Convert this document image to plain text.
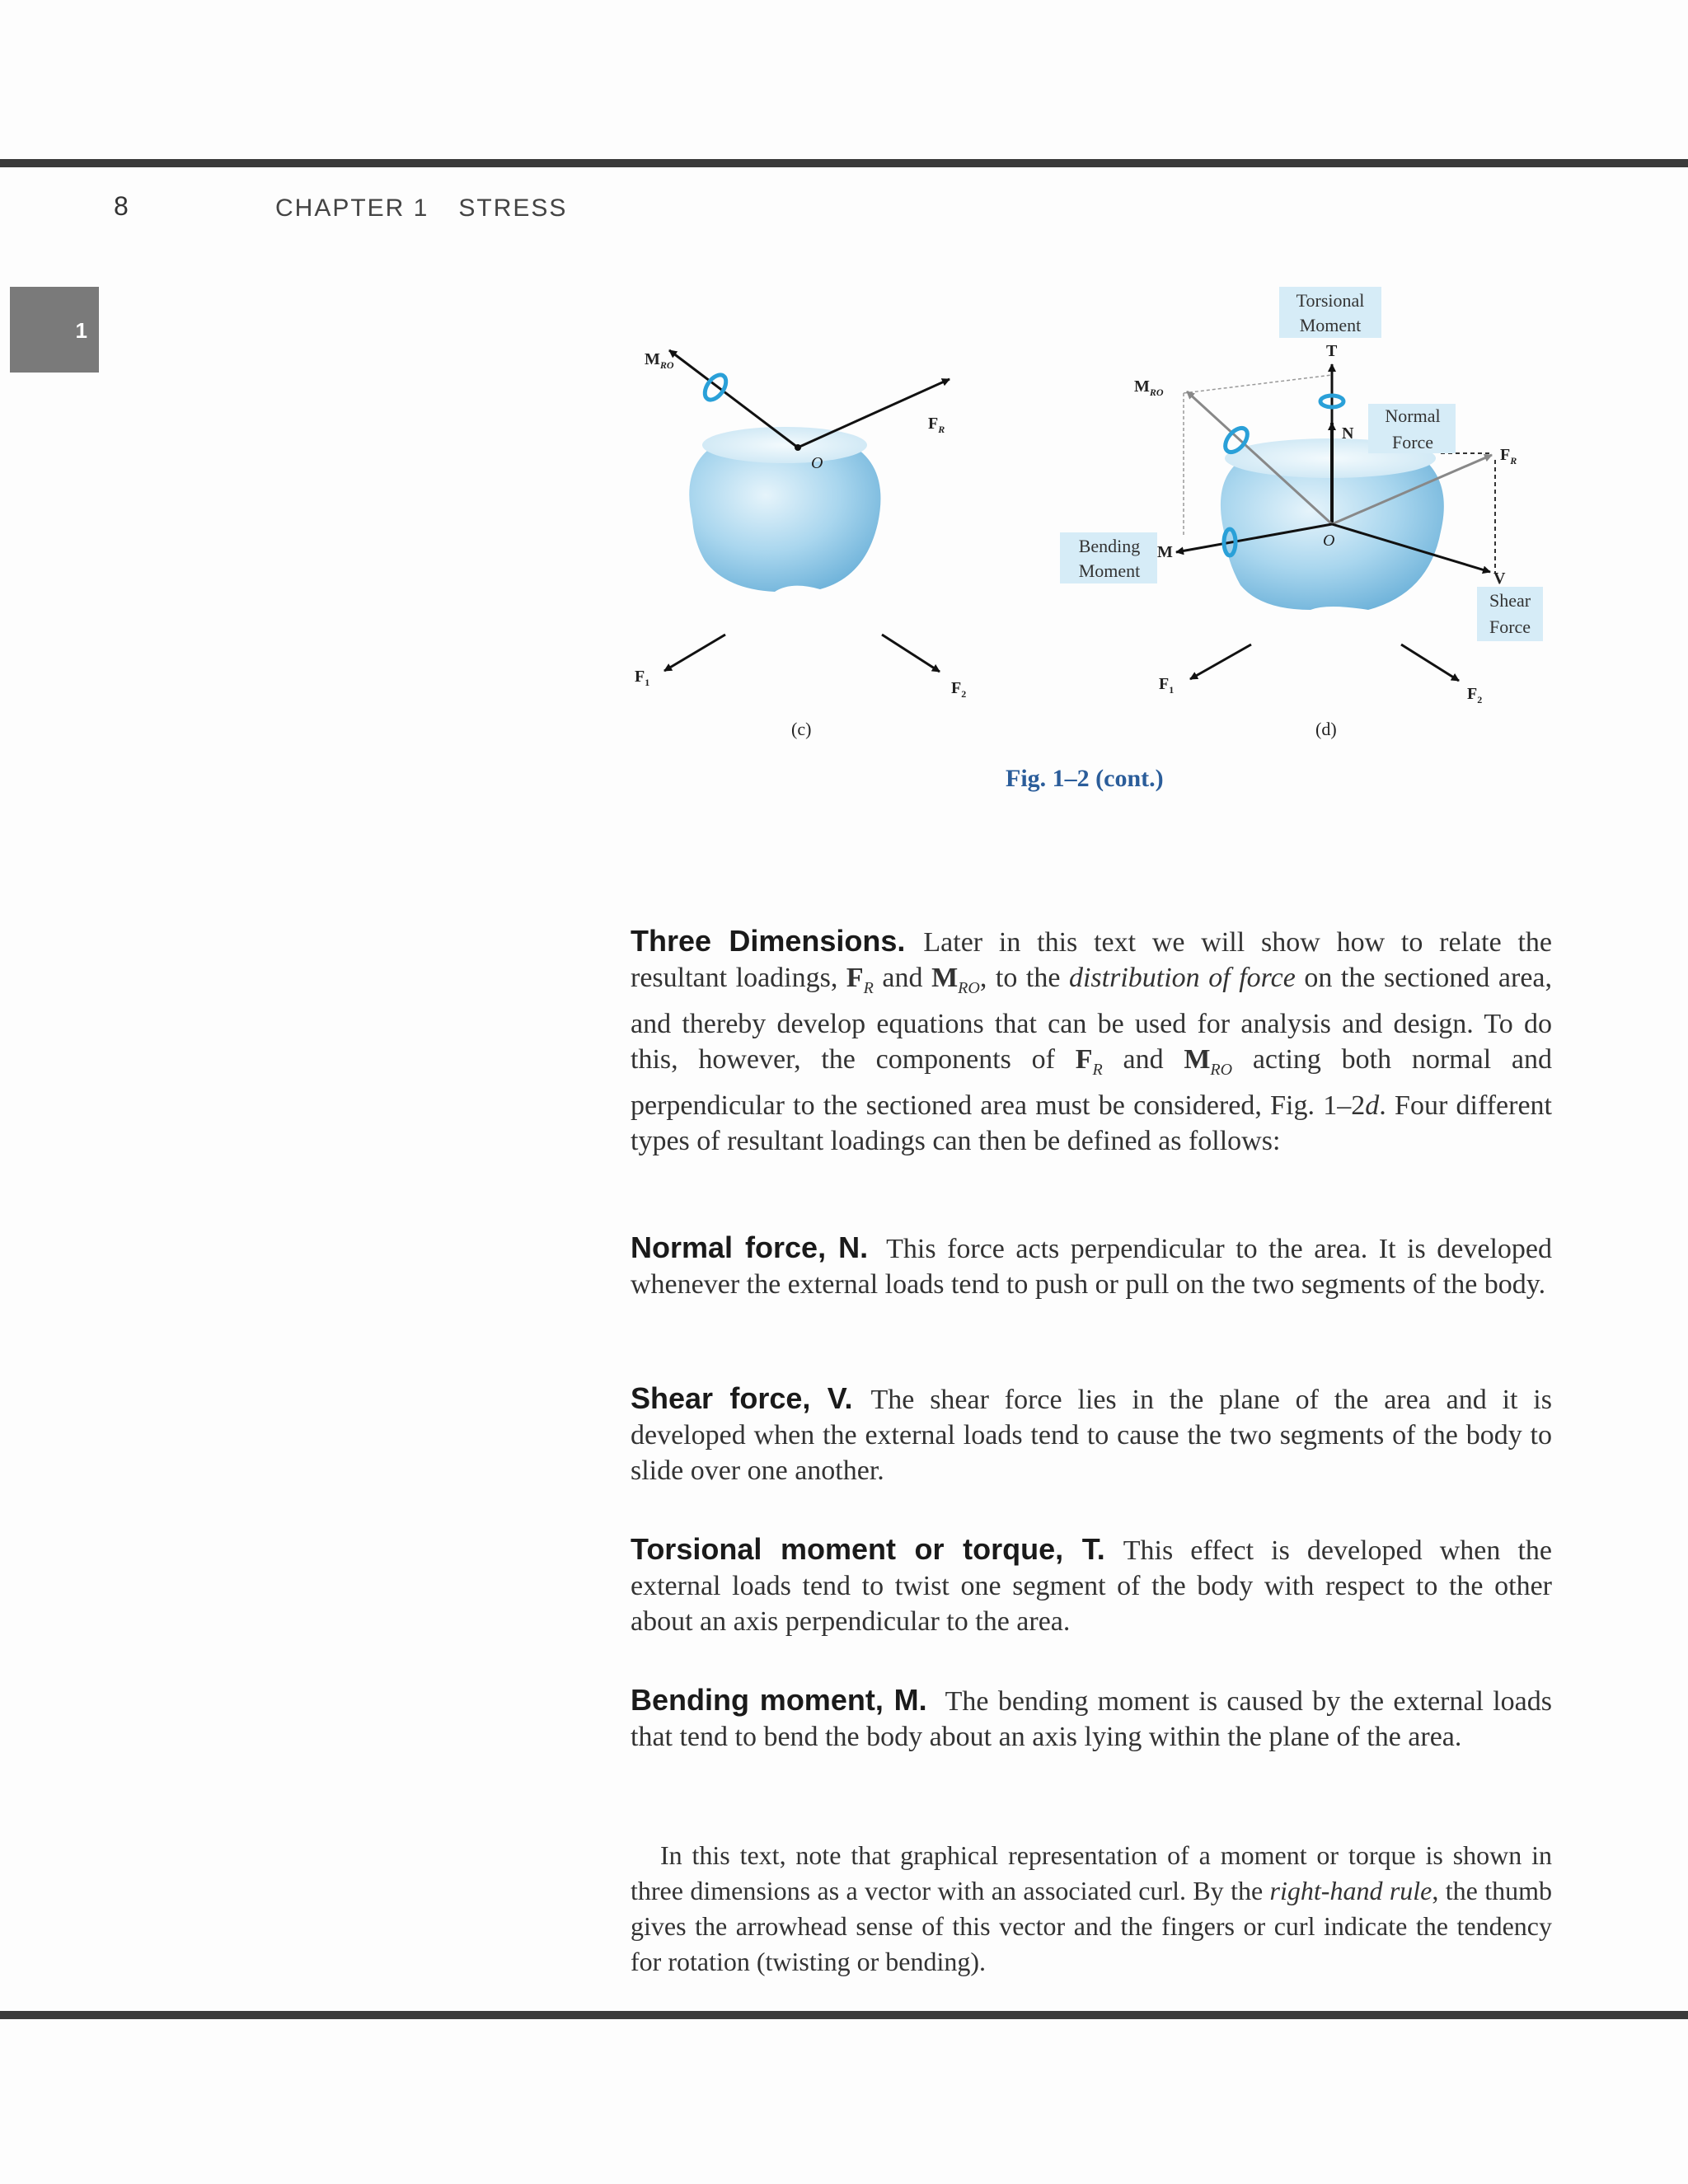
8	CHAPTER 1 STRESS
1
$M_{RO}$
$F_R$
O
$F_1$	$F_2$
(c)
Torsional
Moment
T
Normal
Force
N
Bending
Moment
M
Shear
Force
V
$M_{RO}$
$F_R$
O
$F_1$	$F_2$
(d)
Fig. 1–2 (cont.)

Three Dimensions. Later in this text we will show how to relate the resultant loadings, $F_R$ and $M_{RO}$, to the distribution of force on the sectioned area, and thereby develop equations that can be used for analysis and design. To do this, however, the components of $F_R$ and $M_{RO}$ acting both normal and perpendicular to the sectioned area must be considered, Fig. 1–2d. Four different types of resultant loadings can then be defined as follows:

Normal force, N. This force acts perpendicular to the area. It is developed whenever the external loads tend to push or pull on the two segments of the body.

Shear force, V. The shear force lies in the plane of the area and it is developed when the external loads tend to cause the two segments of the body to slide over one another.

Torsional moment or torque, T. This effect is developed when the external loads tend to twist one segment of the body with respect to the other about an axis perpendicular to the area.

Bending moment, M. The bending moment is caused by the external loads that tend to bend the body about an axis lying within the plane of the area.

In this text, note that graphical representation of a moment or torque is shown in three dimensions as a vector with an associated curl. By the right-hand rule, the thumb gives the arrowhead sense of this vector and the fingers or curl indicate the tendency for rotation (twisting or bending).
